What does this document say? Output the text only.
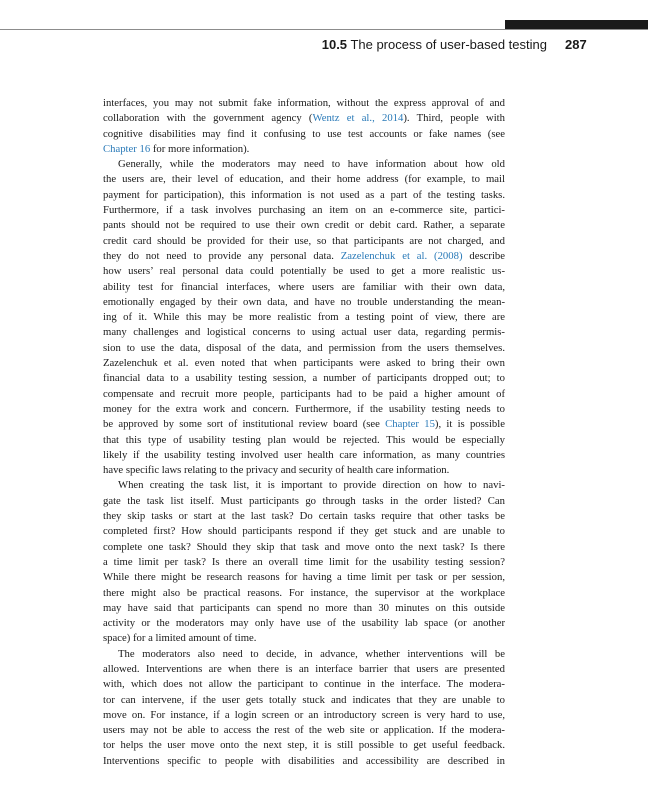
10.5 The process of user-based testing 287

interfaces, you may not submit fake information, without the express approval of and
collaboration with the government agency (Wentz et al., 2014). Third, people with
cognitive disabilities may find it confusing to use test accounts or fake names (see
Chapter 16 for more information).

Generally, while the moderators may need to have information about how old
the users are, their level of education, and their home address (for example, to mail
payment for participation), this information is not used as a part of the testing tasks.
Furthermore, if a task involves purchasing an item on an e-commerce site, partici-
pants should not be required to use their own credit or debit card. Rather, a separate
credit card should be provided for their use, so that participants are not charged, and
they do not need to provide any personal data. Zazelenchuk et al. (2008) describe
how users’ real personal data could potentially be used to get a more realistic us-
ability test for financial interfaces, where users are familiar with their own data,
emotionally engaged by their own data, and have no trouble understanding the mean-
ing of it. While this may be more realistic from a testing point of view, there are
many challenges and logistical concerns to using actual user data, regarding permis-
sion to use the data, disposal of the data, and permission from the users themselves.
Zazelenchuk et al. even noted that when participants were asked to bring their own
financial data to a usability testing session, a number of participants dropped out; to
compensate and recruit more people, participants had to be paid a higher amount of
money for the extra work and concern. Furthermore, if the usability testing needs to
be approved by some sort of institutional review board (see Chapter 15), it is possible
that this type of usability testing plan would be rejected. This would be especially
likely if the usability testing involved user health care information, as many countries
have specific laws relating to the privacy and security of health care information.

When creating the task list, it is important to provide direction on how to navi-
gate the task list itself. Must participants go through tasks in the order listed? Can
they skip tasks or start at the last task? Do certain tasks require that other tasks be
completed first? How should participants respond if they get stuck and are unable to
complete one task? Should they skip that task and move onto the next task? Is there
a time limit per task? Is there an overall time limit for the usability testing session?
While there might be research reasons for having a time limit per task or per session,
there might also be practical reasons. For instance, the supervisor at the workplace
may have said that participants can spend no more than 30 minutes on this outside
activity or the moderators may only have use of the usability lab space (or another
space) for a limited amount of time.

The moderators also need to decide, in advance, whether interventions will be
allowed. Interventions are when there is an interface barrier that users are presented
with, which does not allow the participant to continue in the interface. The modera-
tor can intervene, if the user gets totally stuck and indicates that they are unable to
move on. For instance, if a login screen or an introductory screen is very hard to use,
users may not be able to access the rest of the web site or application. If the modera-
tor helps the user move onto the next step, it is still possible to get useful feedback.
Interventions specific to people with disabilities and accessibility are described in
